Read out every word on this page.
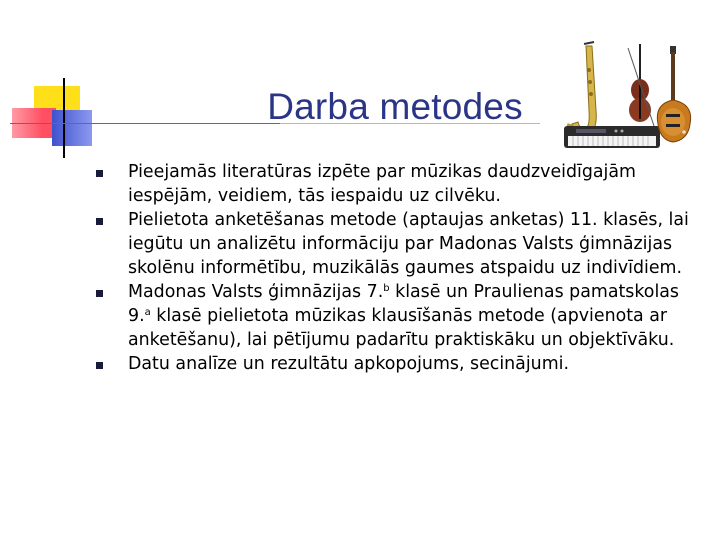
Darba metodes
Pieejamās literatūras izpēte par mūzikas daudzveidīgajām iespējām, veidiem, tās iespaidu uz cilvēku.
Pielietota anketēšanas metode (aptaujas anketas) 11. klasēs, lai iegūtu un analizētu informāciju par Madonas Valsts ģimnāzijas skolēnu informētību, muzikālās gaumes atspaidu uz indivīdiem.
Madonas Valsts ģimnāzijas 7.$^b$ klasē un Praulienas pamatskolas 9.$^a$ klasē pielietota mūzikas klausīšanās metode (apvienota ar anketēšanu), lai pētījumu padarītu praktiskāku un objektīvāku.
Datu analīze un rezultātu apkopojums, secinājumi.
